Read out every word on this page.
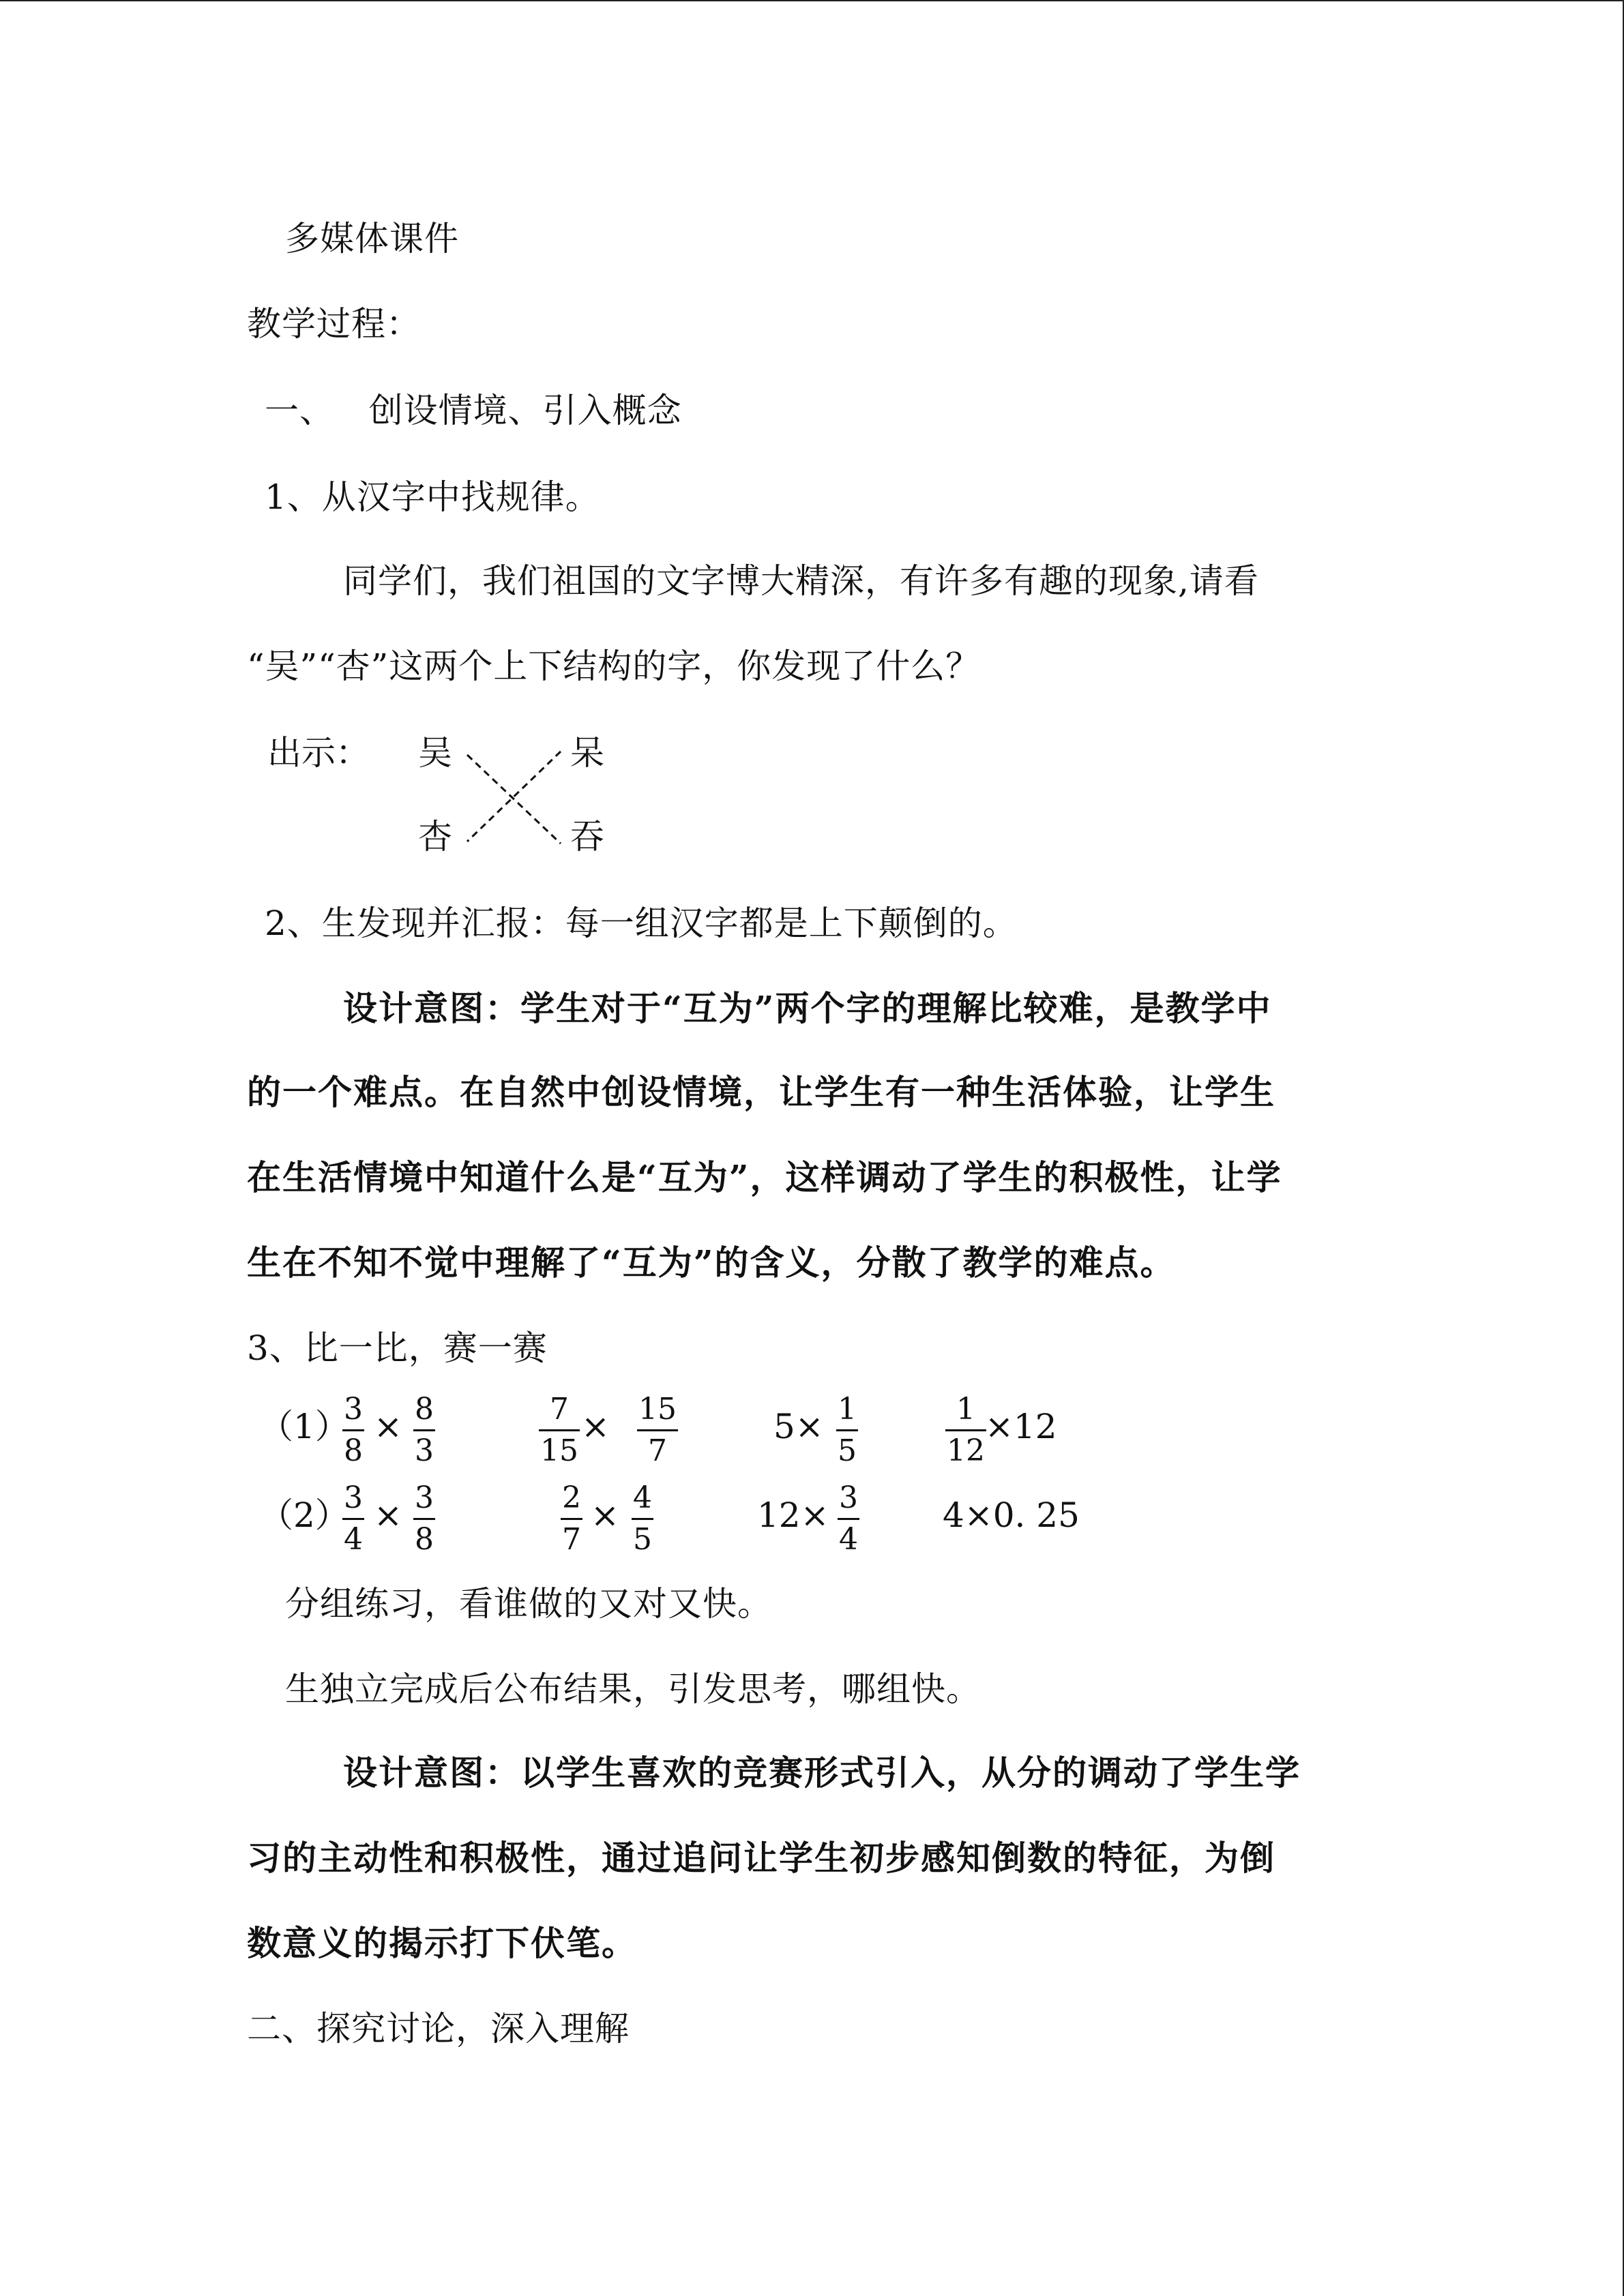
多媒体课件
教学过程：
一、   创设情境、引入概念
1、从汉字中找规律。
同学们，我们祖国的文字博大精深，有许多有趣的现象,请看
“吴”“杏”这两个上下结构的字，你发现了什么？
出示： 吴	呆
杏	吞
2、生发现并汇报：每一组汉字都是上下颠倒的。
设计意图：学生对于“互为”两个字的理解比较难，是教学中
的一个难点。在自然中创设情境，让学生有一种生活体验，让学生
在生活情境中知道什么是“互为”，这样调动了学生的积极性，让学
生在不知不觉中理解了“互为”的含义，分散了教学的难点。
3、比一比，赛一赛
（1）
3
8
× 8
3
7
15
× 15
7
5× 1
5
1
12
×12
（2）
3
4
× 3
8
2
7
× 4
5
12× 3
4
4×0. 25
分组练习，看谁做的又对又快。
生独立完成后公布结果，引发思考，哪组快。
设计意图：以学生喜欢的竞赛形式引入，从分的调动了学生学
习的主动性和积极性，通过追问让学生初步感知倒数的特征，为倒
数意义的揭示打下伏笔。
二、探究讨论，深入理解
